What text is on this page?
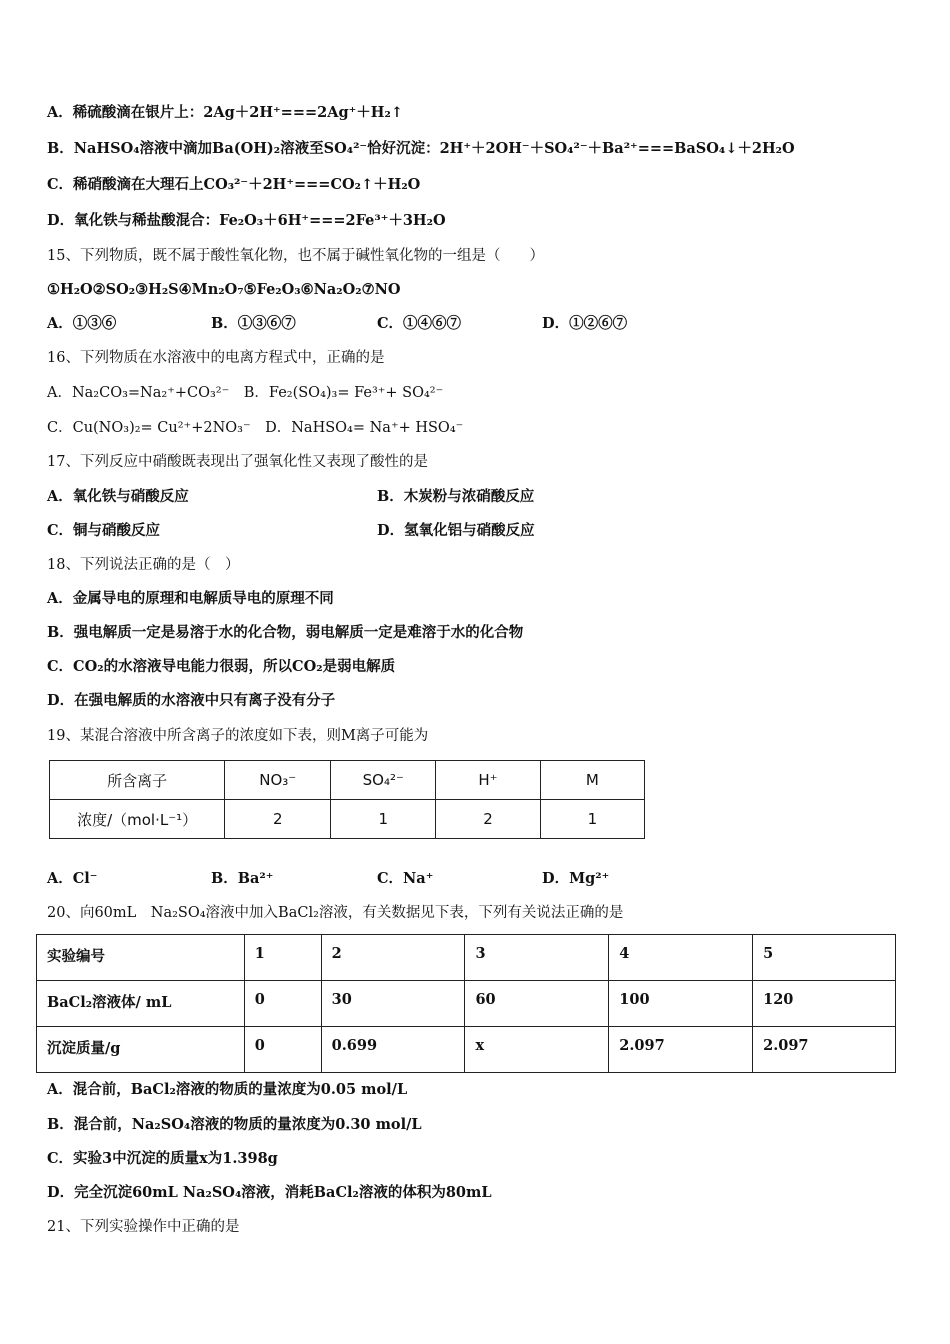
A．稀硫酸滴在银片上：2Ag＋2H⁺===2Ag⁺＋H₂↑
B．NaHSO₄溶液中滴加Ba(OH)₂溶液至SO₄²⁻恰好沉淀：2H⁺＋2OH⁻＋SO₄²⁻＋Ba²⁺===BaSO₄↓＋2H₂O
C．稀硝酸滴在大理石上CO₃²⁻＋2H⁺===CO₂↑＋H₂O
D．氧化铁与稀盐酸混合：Fe₂O₃＋6H⁺===2Fe³⁺＋3H₂O
15、下列物质，既不属于酸性氧化物，也不属于碱性氧化物的一组是（　　）
①H₂O②SO₂③H₂S④Mn₂O₇⑤Fe₂O₃⑥Na₂O₂⑦NO
A．①③⑥	B．①③⑥⑦	C．①④⑥⑦	D．①②⑥⑦
16、下列物质在水溶液中的电离方程式中，正确的是
A．Na₂CO₃=Na₂⁺+CO₃²⁻　B．Fe₂(SO₄)₃= Fe³⁺+ SO₄²⁻
C．Cu(NO₃)₂= Cu²⁺+2NO₃⁻　D．NaHSO₄= Na⁺+ HSO₄⁻
17、下列反应中硝酸既表现出了强氧化性又表现了酸性的是
A．氧化铁与硝酸反应	B．木炭粉与浓硝酸反应
C．铜与硝酸反应	D．氢氧化铝与硝酸反应
18、下列说法正确的是（　）
A．金属导电的原理和电解质导电的原理不同
B．强电解质一定是易溶于水的化合物，弱电解质一定是难溶于水的化合物
C．CO₂的水溶液导电能力很弱，所以CO₂是弱电解质
D．在强电解质的水溶液中只有离子没有分子
19、某混合溶液中所含离子的浓度如下表，则M离子可能为
所含离子	NO₃⁻	SO₄²⁻	H⁺	M
浓度/（mol·L⁻¹）	2	1	2	1
A．Cl⁻	B．Ba²⁺	C．Na⁺	D．Mg²⁺
20、向60mL　Na₂SO₄溶液中加入BaCl₂溶液，有关数据见下表，下列有关说法正确的是
实验编号	1	2	3	4	5
BaCl₂溶液体/ mL	0	30	60	100	120
沉淀质量/g	0	0.699	x	2.097	2.097
A．混合前，BaCl₂溶液的物质的量浓度为0.05 mol/L
B．混合前，Na₂SO₄溶液的物质的量浓度为0.30 mol/L
C．实验3中沉淀的质量x为1.398g
D．完全沉淀60mL Na₂SO₄溶液，消耗BaCl₂溶液的体积为80mL
21、下列实验操作中正确的是
